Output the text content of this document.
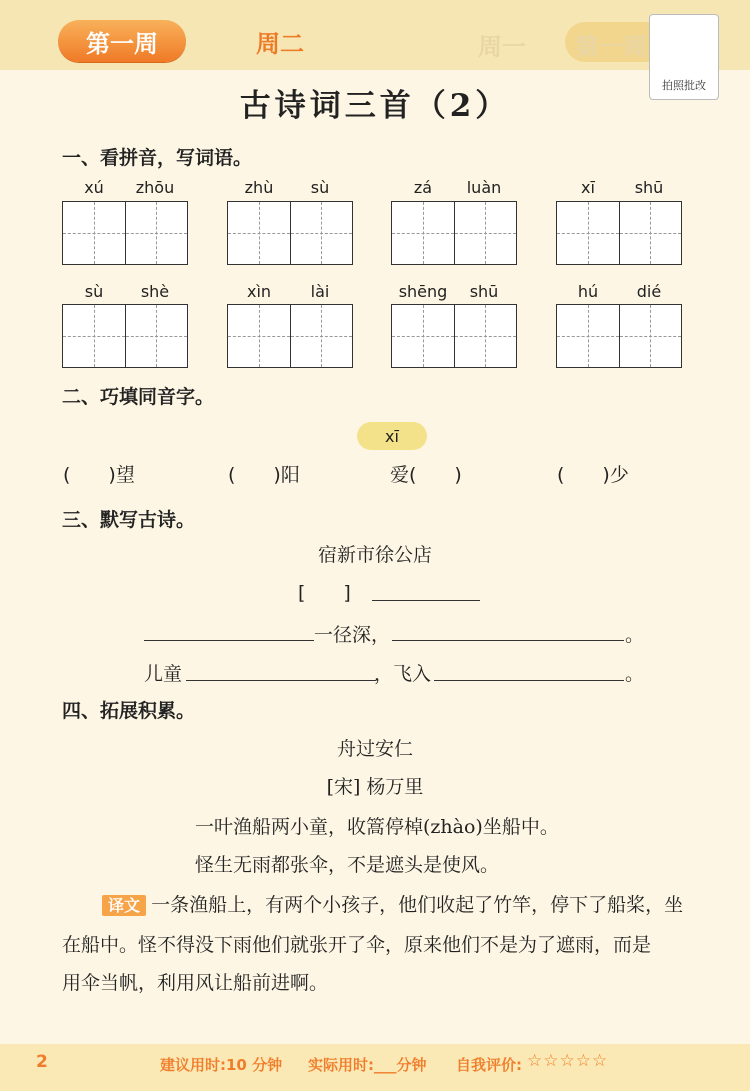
第一周
周一
第一周	周二
拍照批改
古诗词三首（2）
一、看拼音，写词语。
xú	zhōu	zhù	sù	zá	luàn	xī	shū
sù	shè	xìn	lài	shēng	shū	hú	dié
二、巧填同音字。
xī
(　　)望	(　　)阳	爱(　　)	(　　)少
三、默写古诗。
宿新市徐公店
[　　]
一径深，	。
儿童	，飞入	。
四、拓展积累。
舟过安仁
[宋] 杨万里
一叶渔船两小童，收篙停棹(zhào)坐船中。
怪生无雨都张伞，不是遮头是使风。
译文 一条渔船上，有两个小孩子，他们收起了竹竿，停下了船桨，坐
在船中。怪不得没下雨他们就张开了伞，原来他们不是为了遮雨，而是
用伞当帆，利用风让船前进啊。
2	建议用时:10 分钟 实际用时:___分钟 自我评价: ☆☆☆☆☆
